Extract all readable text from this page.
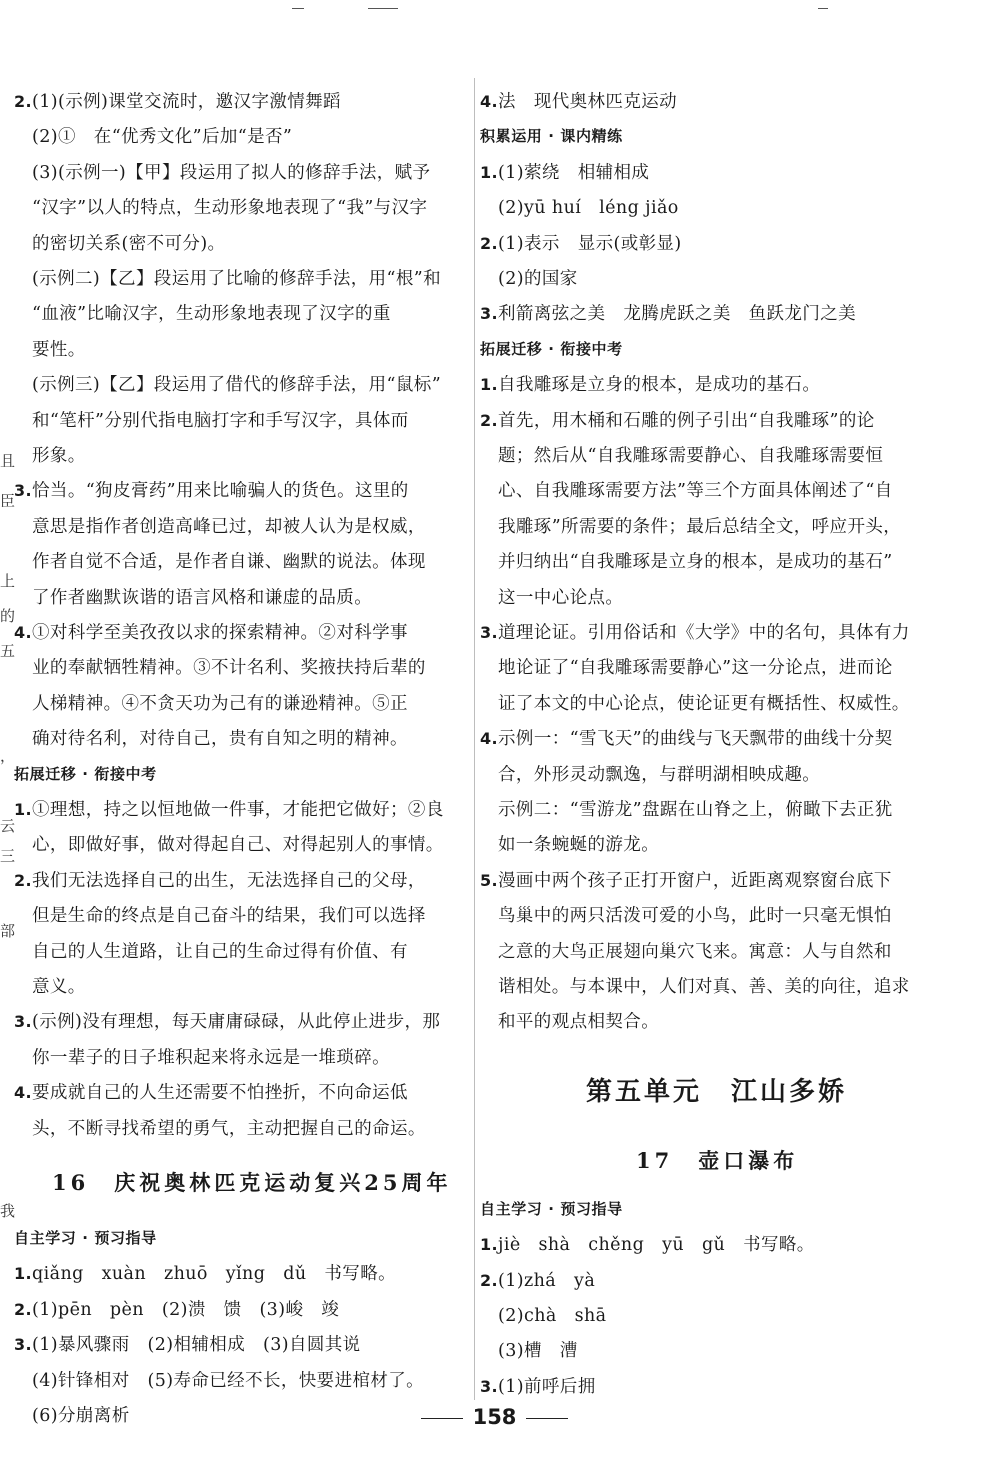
且
臣
上
的
五
，
云
三
部
我
2.(1)(示例)课堂交流时，邀汉字激情舞蹈
(2)①　在“优秀文化”后加“是否”
(3)(示例一)【甲】段运用了拟人的修辞手法，赋予
“汉字”以人的特点，生动形象地表现了“我”与汉字
的密切关系(密不可分)。
(示例二)【乙】段运用了比喻的修辞手法，用“根”和
“血液”比喻汉字，生动形象地表现了汉字的重
要性。
(示例三)【乙】段运用了借代的修辞手法，用“鼠标”
和“笔杆”分别代指电脑打字和手写汉字，具体而
形象。
3.恰当。“狗皮膏药”用来比喻骗人的货色。这里的
意思是指作者创造高峰已过，却被人认为是权威，
作者自觉不合适，是作者自谦、幽默的说法。体现
了作者幽默诙谐的语言风格和谦虚的品质。
4.①对科学至美孜孜以求的探索精神。②对科学事
业的奉献牺牲精神。③不计名利、奖掖扶持后辈的
人梯精神。④不贪天功为己有的谦逊精神。⑤正
确对待名利，对待自己，贵有自知之明的精神。
拓展迁移 · 衔接中考
1.①理想，持之以恒地做一件事，才能把它做好；②良
心，即做好事，做对得起自己、对得起别人的事情。
2.我们无法选择自己的出生，无法选择自己的父母，
但是生命的终点是自己奋斗的结果，我们可以选择
自己的人生道路，让自己的生命过得有价值、有
意义。
3.(示例)没有理想，每天庸庸碌碌，从此停止进步，那
你一辈子的日子堆积起来将永远是一堆琐碎。
4.要成就自己的人生还需要不怕挫折，不向命运低
头，不断寻找希望的勇气，主动把握自己的命运。
16　庆祝奥林匹克运动复兴25周年
自主学习 · 预习指导
1.qiǎng　xuàn　zhuō　yǐng　dǔ　书写略。
2.(1)pēn　pèn　(2)溃　馈　(3)峻　竣
3.(1)暴风骤雨　(2)相辅相成　(3)自圆其说
(4)针锋相对　(5)寿命已经不长，快要进棺材了。
(6)分崩离析
4.法　现代奥林匹克运动
积累运用 · 课内精练
1.(1)萦绕　相辅相成
(2)yū huí　léng jiǎo
2.(1)表示　显示(或彰显)
(2)的国家
3.利箭离弦之美　龙腾虎跃之美　鱼跃龙门之美
拓展迁移 · 衔接中考
1.自我雕琢是立身的根本，是成功的基石。
2.首先，用木桶和石雕的例子引出“自我雕琢”的论
题；然后从“自我雕琢需要静心、自我雕琢需要恒
心、自我雕琢需要方法”等三个方面具体阐述了“自
我雕琢”所需要的条件；最后总结全文，呼应开头，
并归纳出“自我雕琢是立身的根本，是成功的基石”
这一中心论点。
3.道理论证。引用俗话和《大学》中的名句，具体有力
地论证了“自我雕琢需要静心”这一分论点，进而论
证了本文的中心论点，使论证更有概括性、权威性。
4.示例一：“雪飞天”的曲线与飞天飘带的曲线十分契
合，外形灵动飘逸，与群明湖相映成趣。
示例二：“雪游龙”盘踞在山脊之上，俯瞰下去正犹
如一条蜿蜒的游龙。
5.漫画中两个孩子正打开窗户，近距离观察窗台底下
鸟巢中的两只活泼可爱的小鸟，此时一只毫无惧怕
之意的大鸟正展翅向巢穴飞来。寓意：人与自然和
谐相处。与本课中，人们对真、善、美的向往，追求
和平的观点相契合。
第五单元　江山多娇
17　壶口瀑布
自主学习 · 预习指导
1.jiè　shà　chěng　yū　gǔ　书写略。
2.(1)zhá　yà
(2)chà　shā
(3)槽　漕
3.(1)前呼后拥
158
